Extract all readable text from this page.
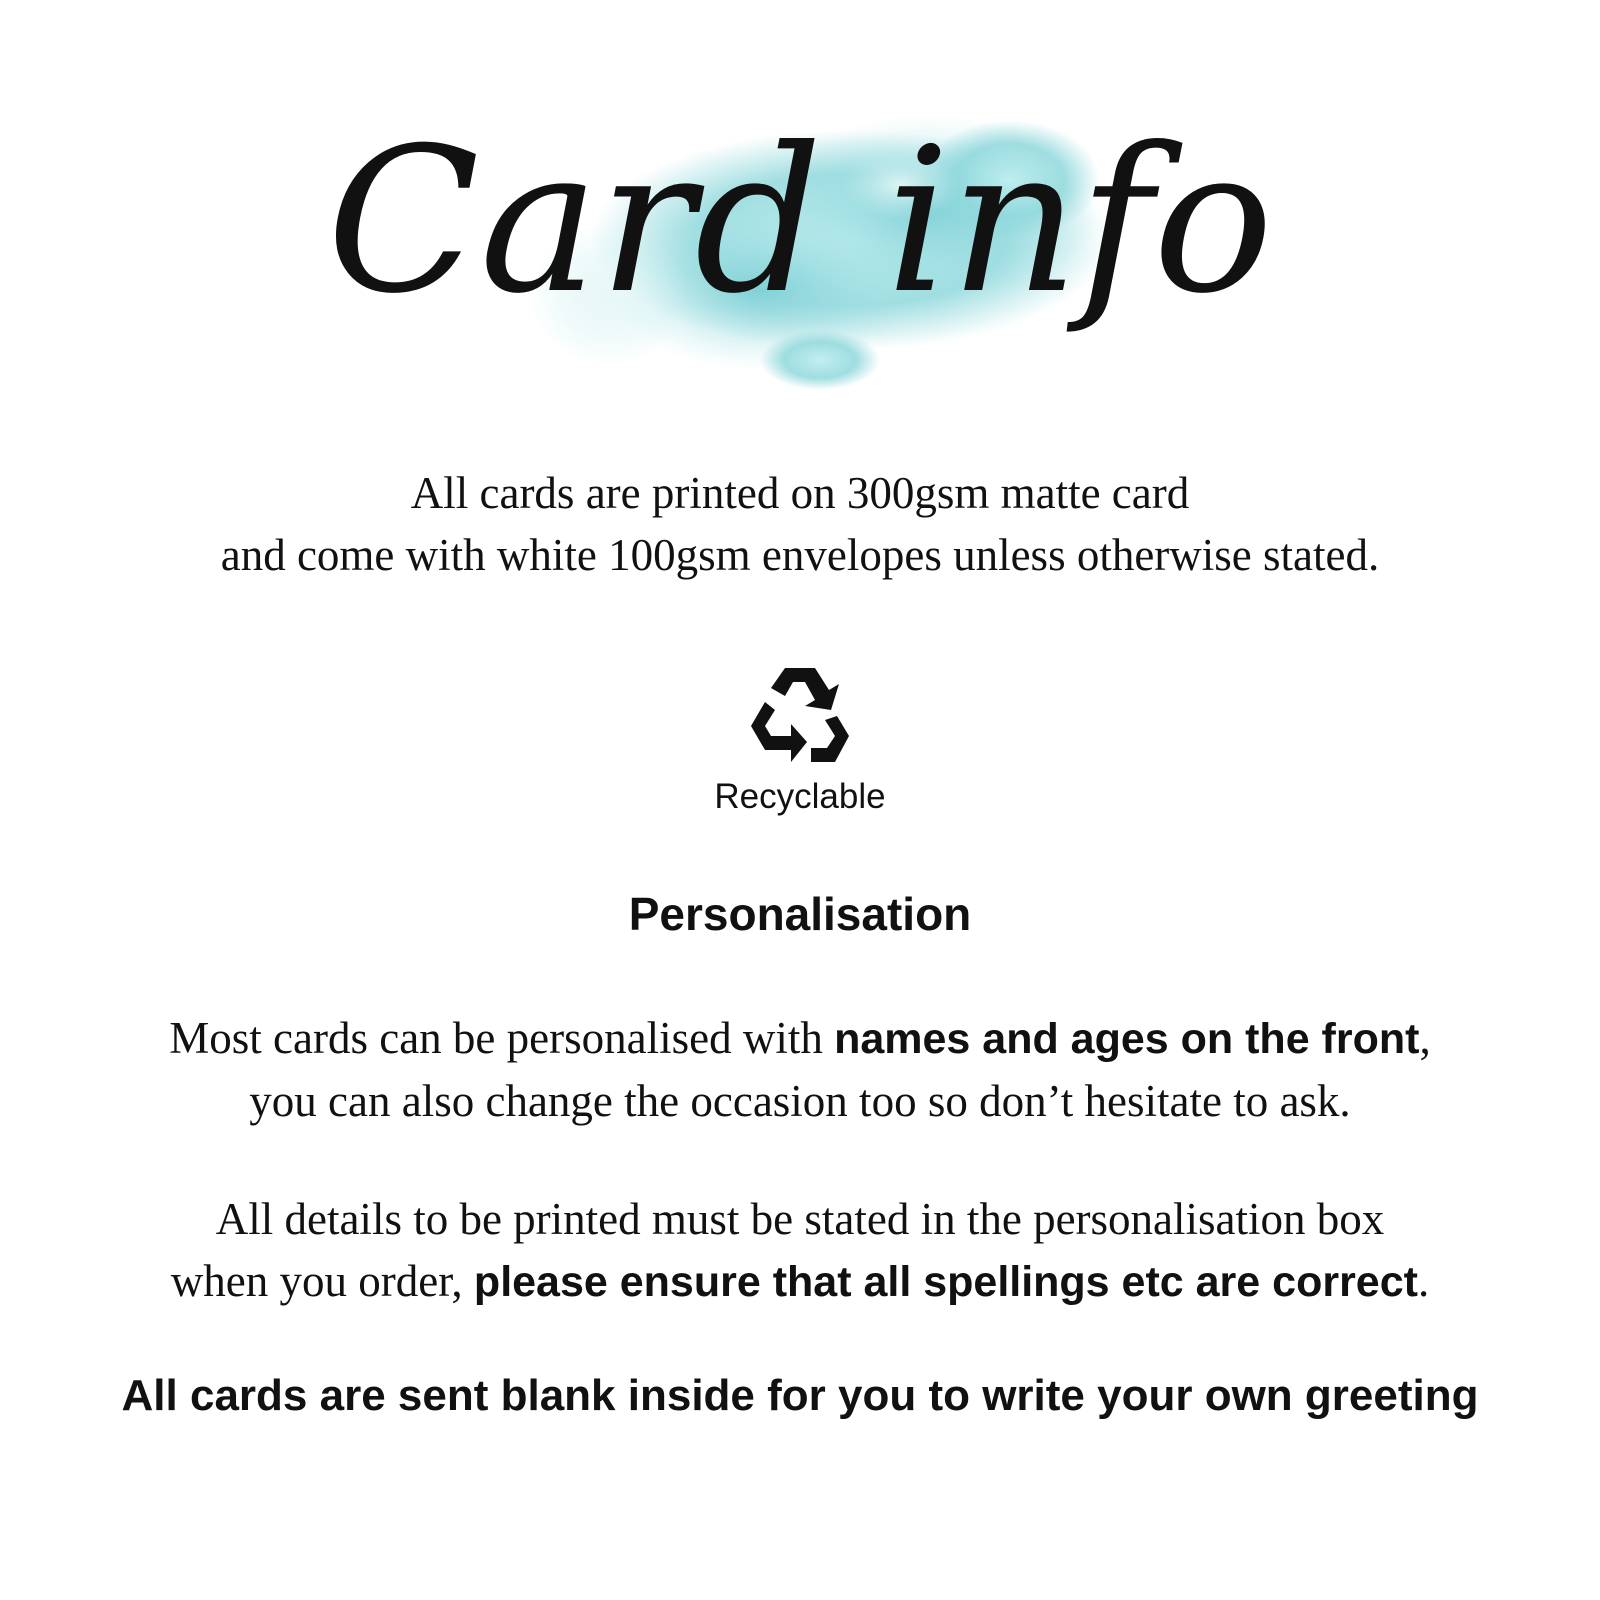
Card info
All cards are printed on 300gsm matte card
and come with white 100gsm envelopes unless otherwise stated.
Recyclable
Personalisation
Most cards can be personalised with names and ages on the front,
you can also change the occasion too so don’t hesitate to ask.
All details to be printed must be stated in the personalisation box
when you order, please ensure that all spellings etc are correct.
All cards are sent blank inside for you to write your own greeting
